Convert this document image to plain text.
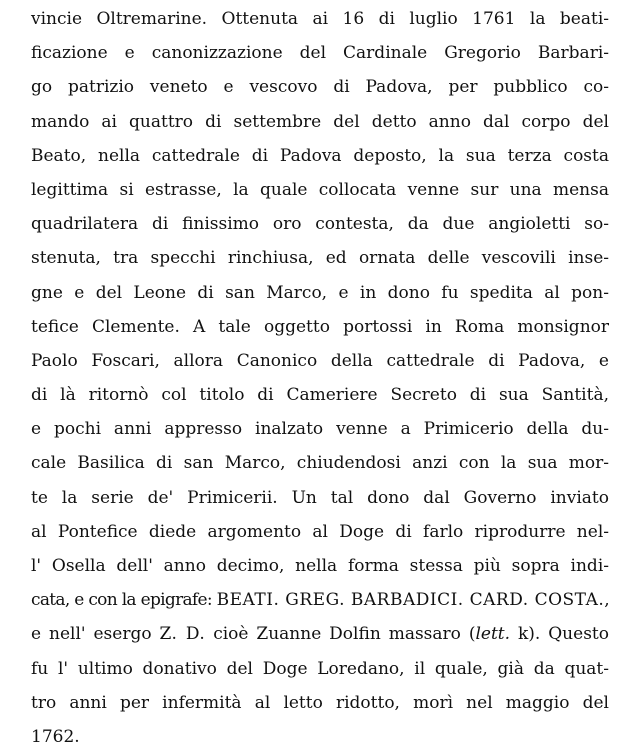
vincie Oltremarine. Ottenuta ai 16 di luglio 1761 la beati-
ficazione e canonizzazione del Cardinale Gregorio Barbari-
go patrizio veneto e vescovo di Padova, per pubblico co-
mando ai quattro di settembre del detto anno dal corpo del
Beato, nella cattedrale di Padova deposto, la sua terza costa
legittima si estrasse, la quale collocata venne sur una mensa
quadrilatera di finissimo oro contesta, da due angioletti so-
stenuta, tra specchi rinchiusa, ed ornata delle vescovili inse-
gne e del Leone di san Marco, e in dono fu spedita al pon-
tefice Clemente. A tale oggetto portossi in Roma monsignor
Paolo Foscari, allora Canonico della cattedrale di Padova, e
di là ritornò col titolo di Cameriere Secreto di sua Santità,
e pochi anni appresso inalzato venne a Primicerio della du-
cale Basilica di san Marco, chiudendosi anzi con la sua mor-
te la serie de' Primicerii. Un tal dono dal Governo inviato
al Pontefice diede argomento al Doge di farlo riprodurre nel-
l' Osella dell' anno decimo, nella forma stessa più sopra indi-
cata, e con la epigrafe: BEATI. GREG. BARBADICI. CARD. COSTA.,
e nell' esergo Z. D. cioè Zuanne Dolfin massaro (lett. k). Questo
fu l' ultimo donativo del Doge Loredano, il quale, già da quat-
tro anni per infermità al letto ridotto, morì nel maggio del
1762.
